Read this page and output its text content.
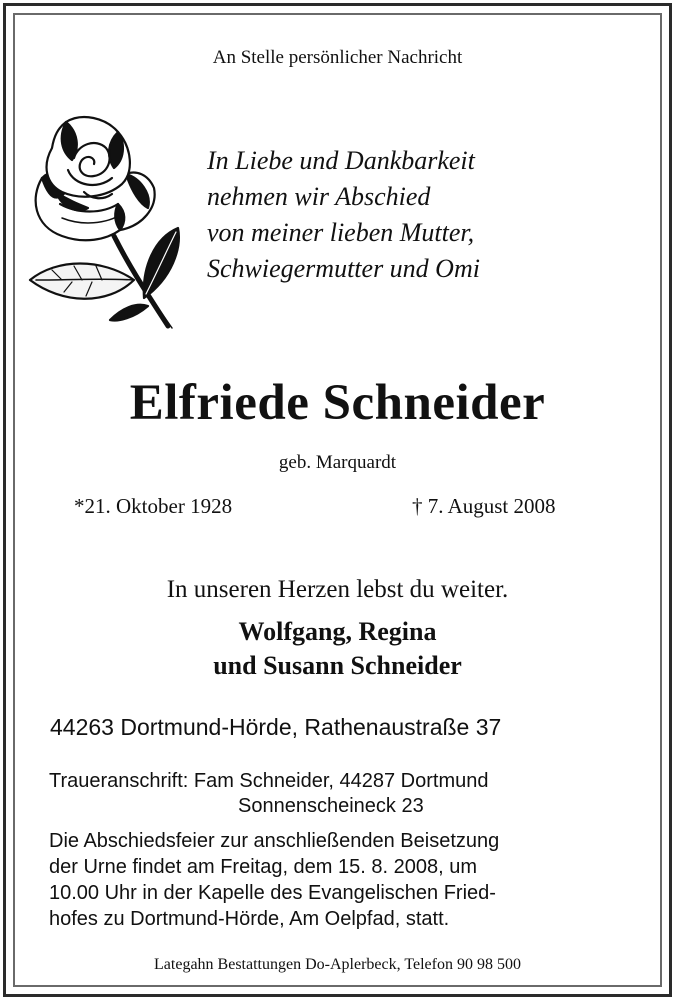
An Stelle persönlicher Nachricht
In Liebe und Dankbarkeit
nehmen wir Abschied
von meiner lieben Mutter,
Schwiegermutter und Omi
Elfriede Schneider
geb. Marquardt
*21. Oktober 1928	† 7. August 2008
In unseren Herzen lebst du weiter.
Wolfgang, Regina
und Susann Schneider
44263 Dortmund-Hörde, Rathenaustraße 37
Traueranschrift: Fam Schneider, 44287 Dortmund
Sonnenscheineck 23
Die Abschiedsfeier zur anschließenden Beisetzung
der Urne findet am Freitag, dem 15. 8. 2008, um
10.00 Uhr in der Kapelle des Evangelischen Fried-
hofes zu Dortmund-Hörde, Am Oelpfad, statt.
Lategahn Bestattungen Do-Aplerbeck, Telefon 90 98 500
